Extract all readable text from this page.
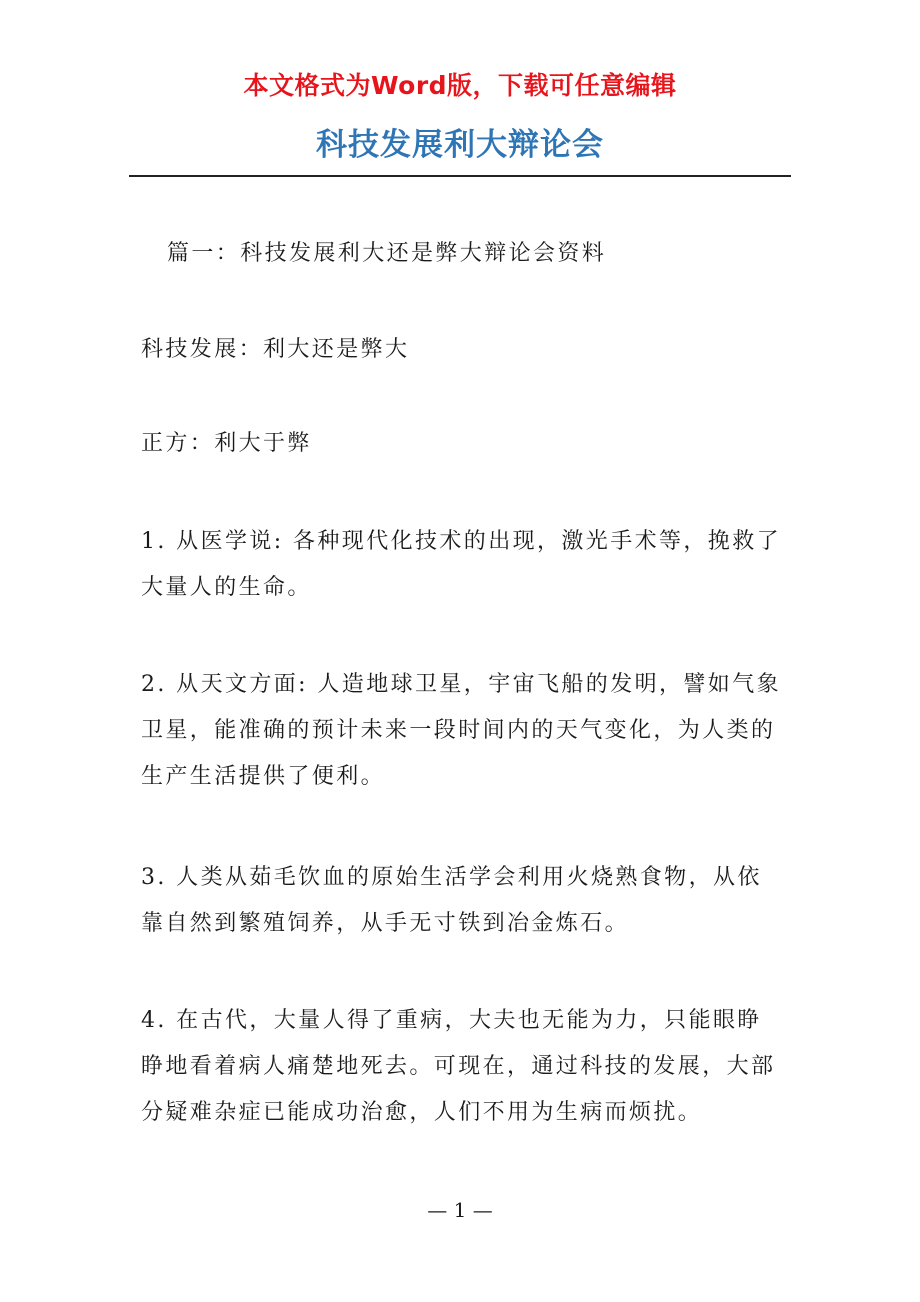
本文格式为Word版，下载可任意编辑
科技发展利大辩论会

篇一：科技发展利大还是弊大辩论会资料

科技发展：利大还是弊大

正方：利大于弊

1. 从医学说: 各种现代化技术的出现，激光手术等，挽救了大量人的生命。

2. 从天文方面: 人造地球卫星，宇宙飞船的发明，譬如气象卫星，能准确的预计未来一段时间内的天气变化，为人类的生产生活提供了便利。

3. 人类从茹毛饮血的原始生活学会利用火烧熟食物，从依靠自然到繁殖饲养，从手无寸铁到冶金炼石。

4. 在古代，大量人得了重病，大夫也无能为力，只能眼睁睁地看着病人痛楚地死去。可现在，通过科技的发展，大部分疑难杂症已能成功治愈，人们不用为生病而烦扰。

— 1 —
